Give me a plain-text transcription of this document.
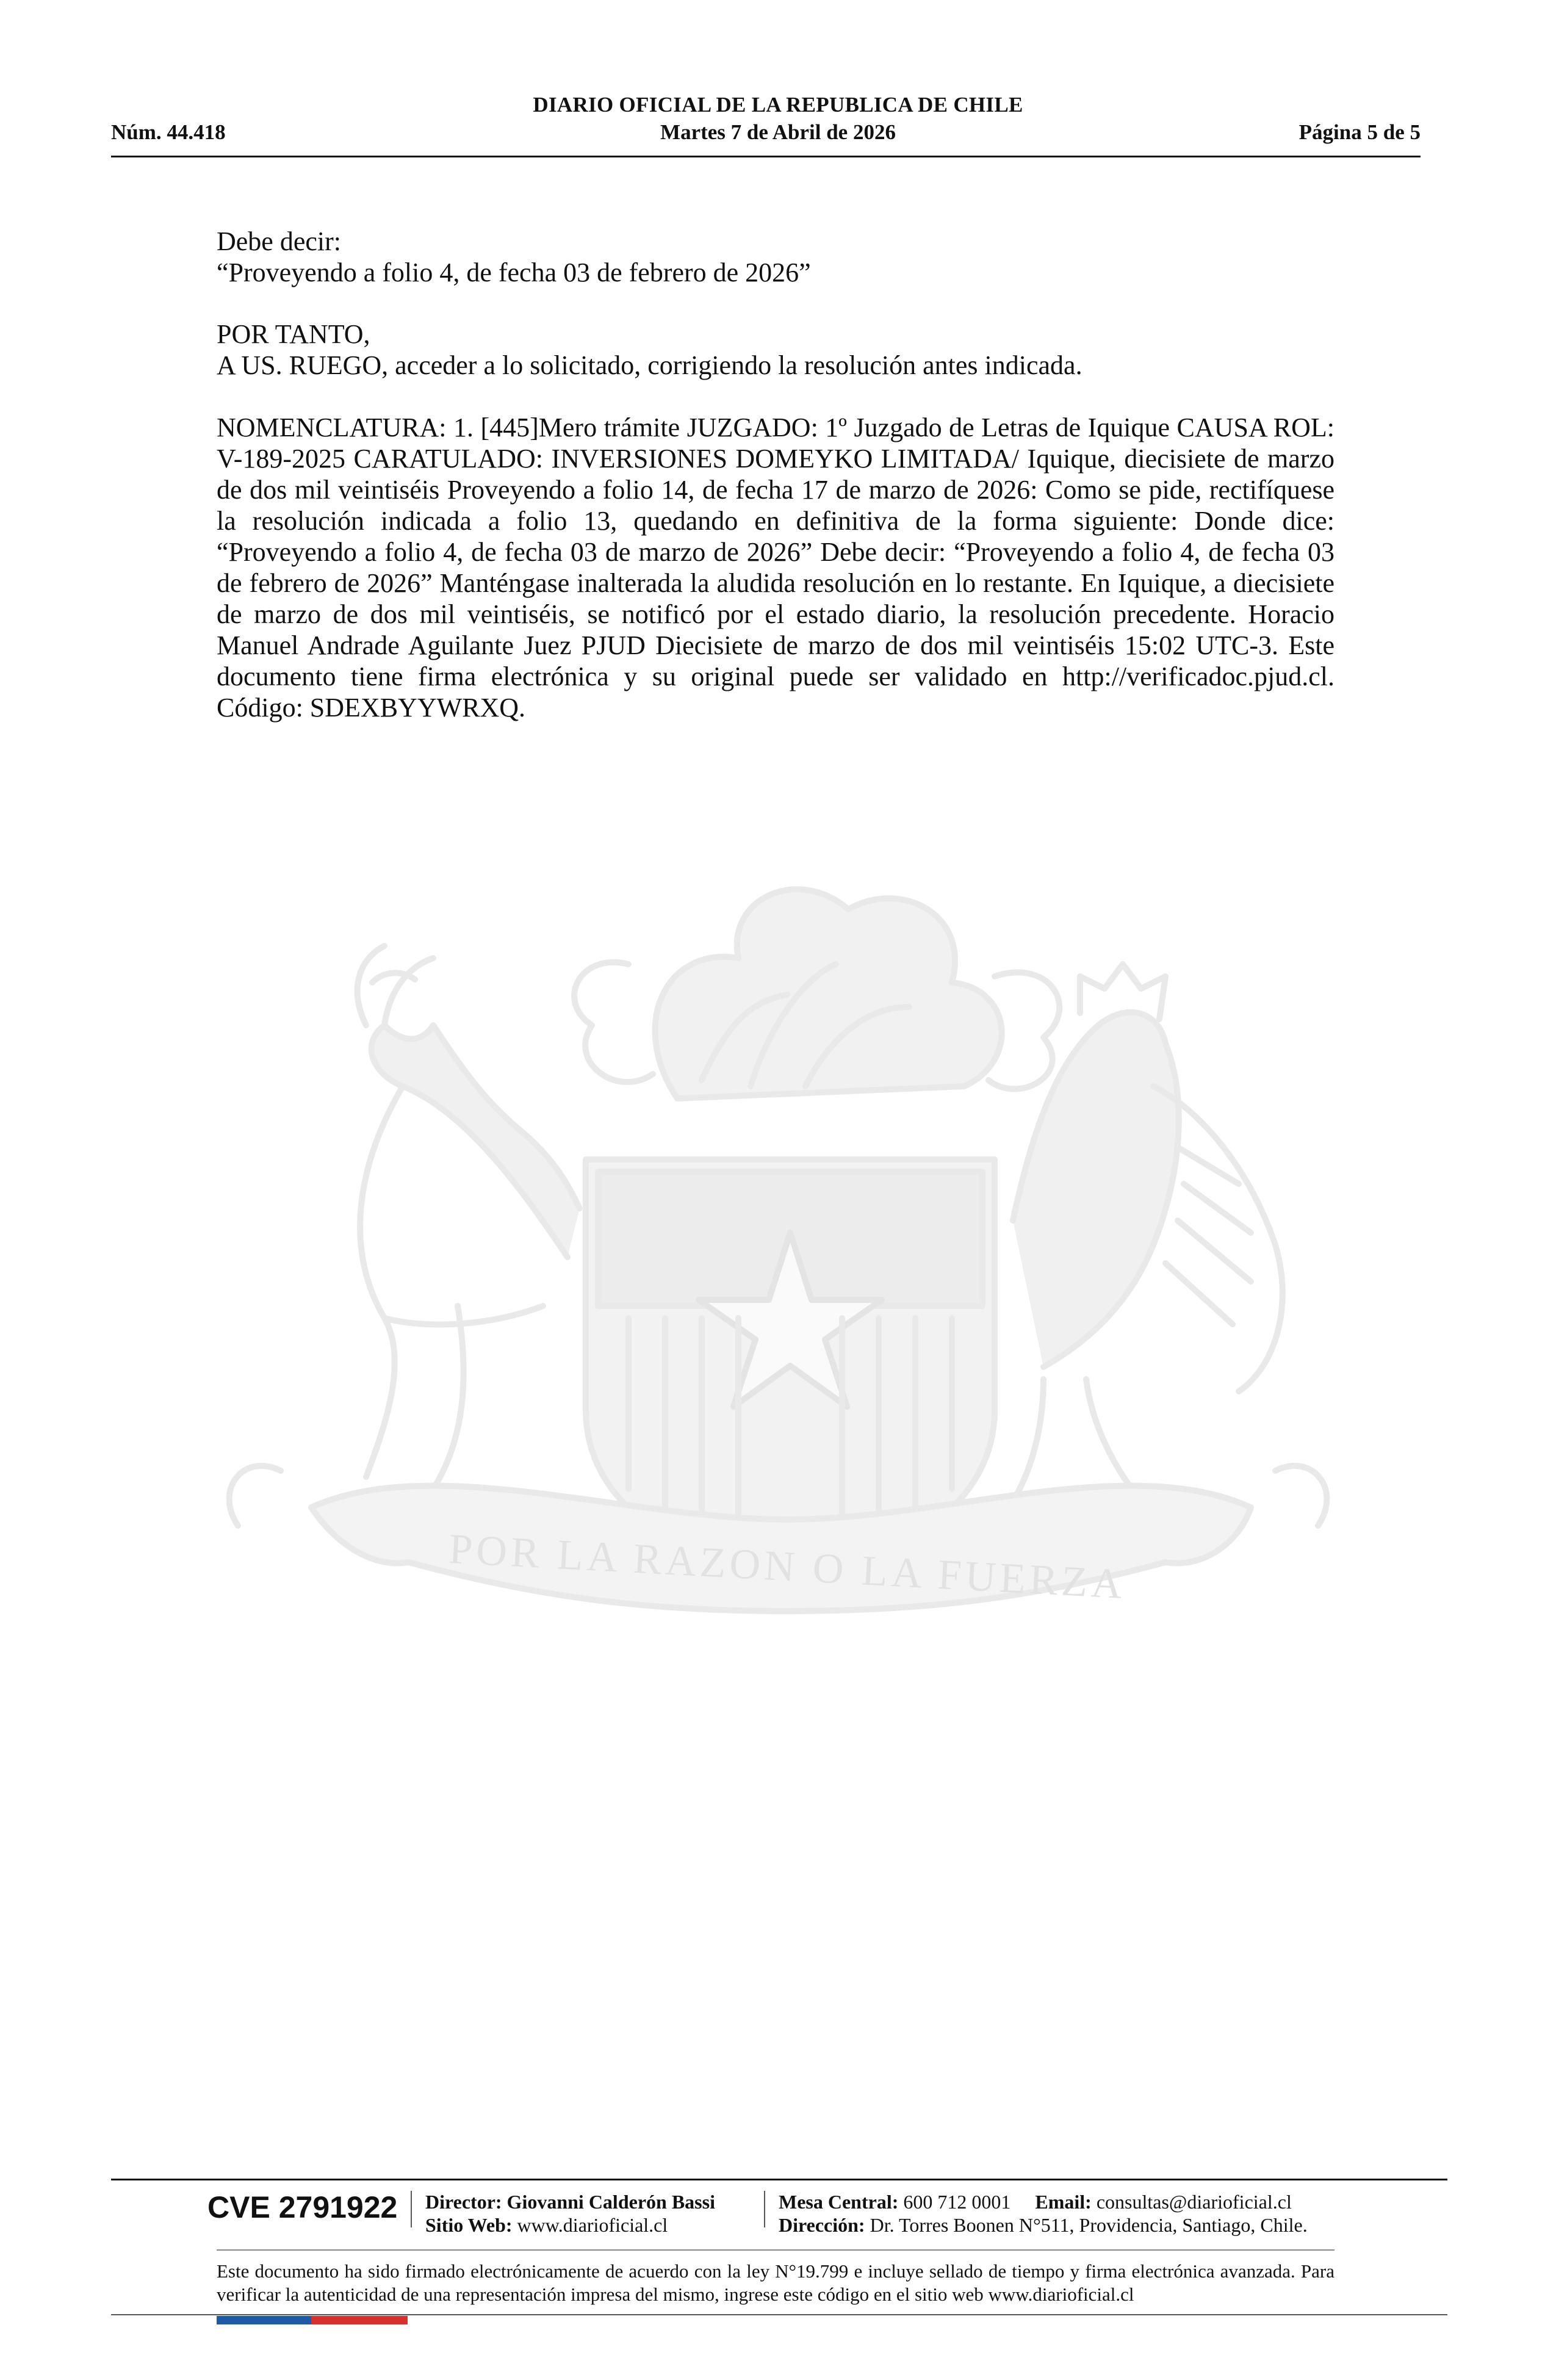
DIARIO OFICIAL DE LA REPUBLICA DE CHILE
Núm. 44.418	Martes 7 de Abril de 2026	Página 5 de 5

Debe decir:

“Proveyendo a folio 4, de fecha 03 de febrero de 2026”

POR TANTO,

A US. RUEGO, acceder a lo solicitado, corrigiendo la resolución antes indicada.

NOMENCLATURA: 1. [445]Mero trámite JUZGADO: 1º Juzgado de Letras de Iquique CAUSA ROL: V-189-2025 CARATULADO: INVERSIONES DOMEYKO LIMITADA/ Iquique, diecisiete de marzo de dos mil veintiséis Proveyendo a folio 14, de fecha 17 de marzo de 2026: Como se pide, rectifíquese la resolución indicada a folio 13, quedando en definitiva de la forma siguiente: Donde dice: “Proveyendo a folio 4, de fecha 03 de marzo de 2026” Debe decir: “Proveyendo a folio 4, de fecha 03 de febrero de 2026” Manténgase inalterada la aludida resolución en lo restante. En Iquique, a diecisiete de marzo de dos mil veintiséis, se notificó por el estado diario, la resolución precedente. Horacio Manuel Andrade Aguilante Juez PJUD Diecisiete de marzo de dos mil veintiséis 15:02 UTC-3. Este documento tiene firma electrónica y su original puede ser validado en http://verificadoc.pjud.cl. Código: SDEXBYYWRXQ.

POR LA RAZON O LA FUERZA
CVE 2791922 Director: Giovanni Calderón Bassi
Sitio Web: www.diarioficial.cl
Mesa Central: 600 712 0001 Email: consultas@diarioficial.cl
Dirección: Dr. Torres Boonen N°511, Providencia, Santiago, Chile.
Este documento ha sido firmado electrónicamente de acuerdo con la ley N°19.799 e incluye sellado de tiempo y firma electrónica avanzada. Para verificar la autenticidad de una representación impresa del mismo, ingrese este código en el sitio web www.diarioficial.cl
